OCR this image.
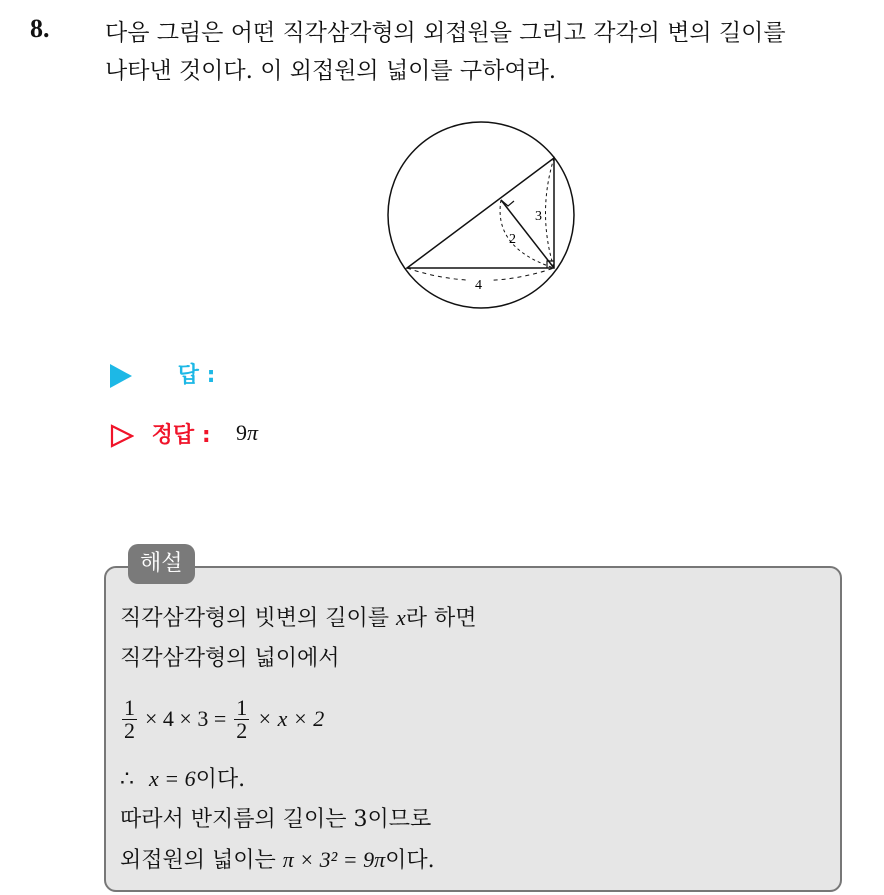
8. 다음 그림은 어떤 직각삼각형의 외접원을 그리고 각각의 변의 길이를
나타낸 것이다. 이 외접원의 넓이를 구하여라.
3
2
4
답 :
정답 : 9π
해설
직각삼각형의 빗변의 길이를 x라 하면
직각삼각형의 넓이에서
$\frac{1}{2} \times 4 \times 3 = \frac{1}{2} \times x \times 2$
∴ x = 6이다.
따라서 반지름의 길이는 3이므로
외접원의 넓이는 π × 3² = 9π이다.
